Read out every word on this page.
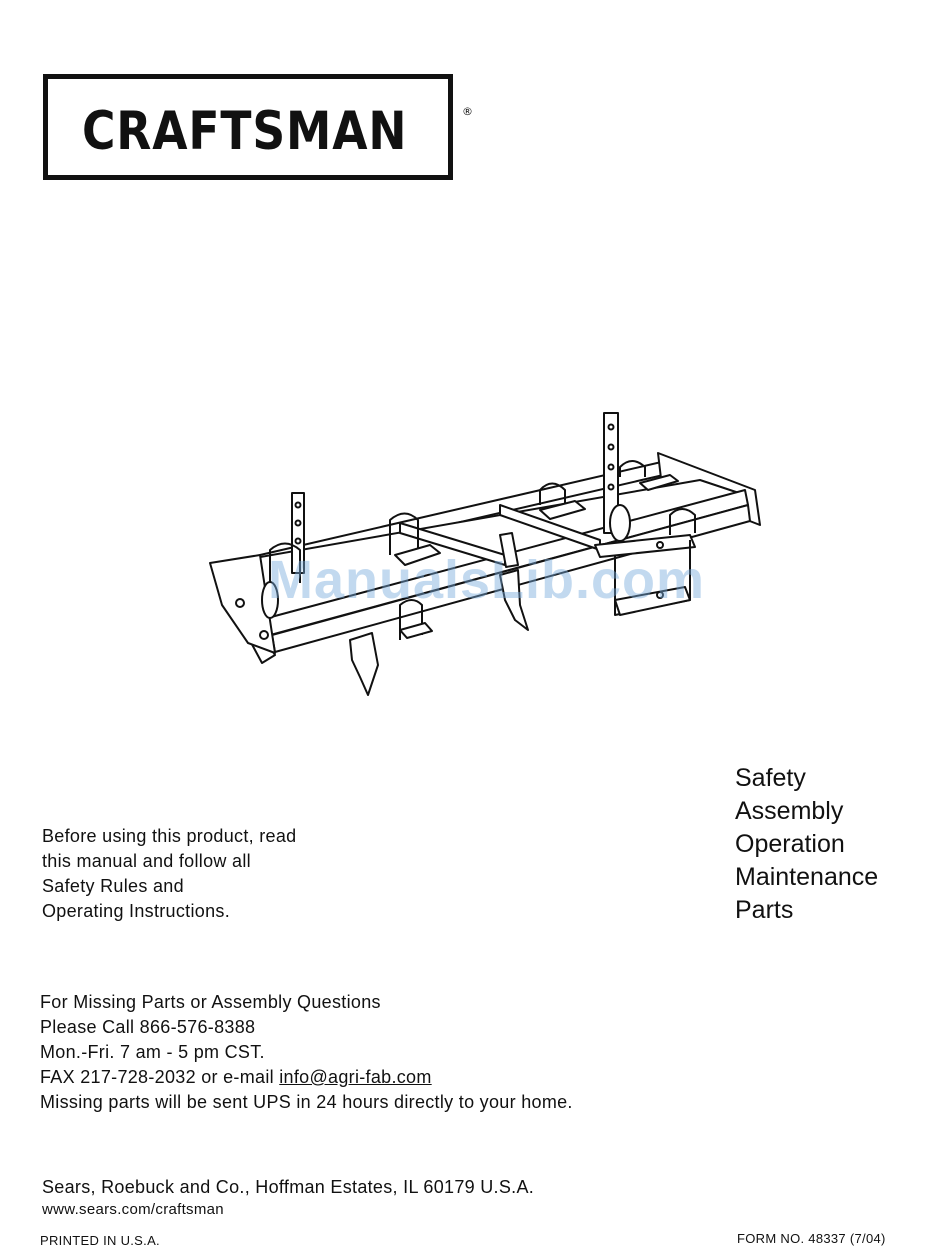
CRAFTSMAN	®
ManualsLib.com
Safety
Assembly
Operation
Maintenance
Parts
Before using this product, read
this manual and follow all
Safety Rules and
Operating Instructions.
For Missing Parts or Assembly Questions
Please Call 866-576-8388
Mon.-Fri. 7 am - 5 pm CST.
FAX 217-728-2032 or e-mail info@agri-fab.com
Missing parts will be sent UPS in 24 hours directly to your home.
Sears, Roebuck and Co., Hoffman Estates, IL 60179 U.S.A.
www.sears.com/craftsman
PRINTED IN U.S.A.	FORM NO. 48337 (7/04)
